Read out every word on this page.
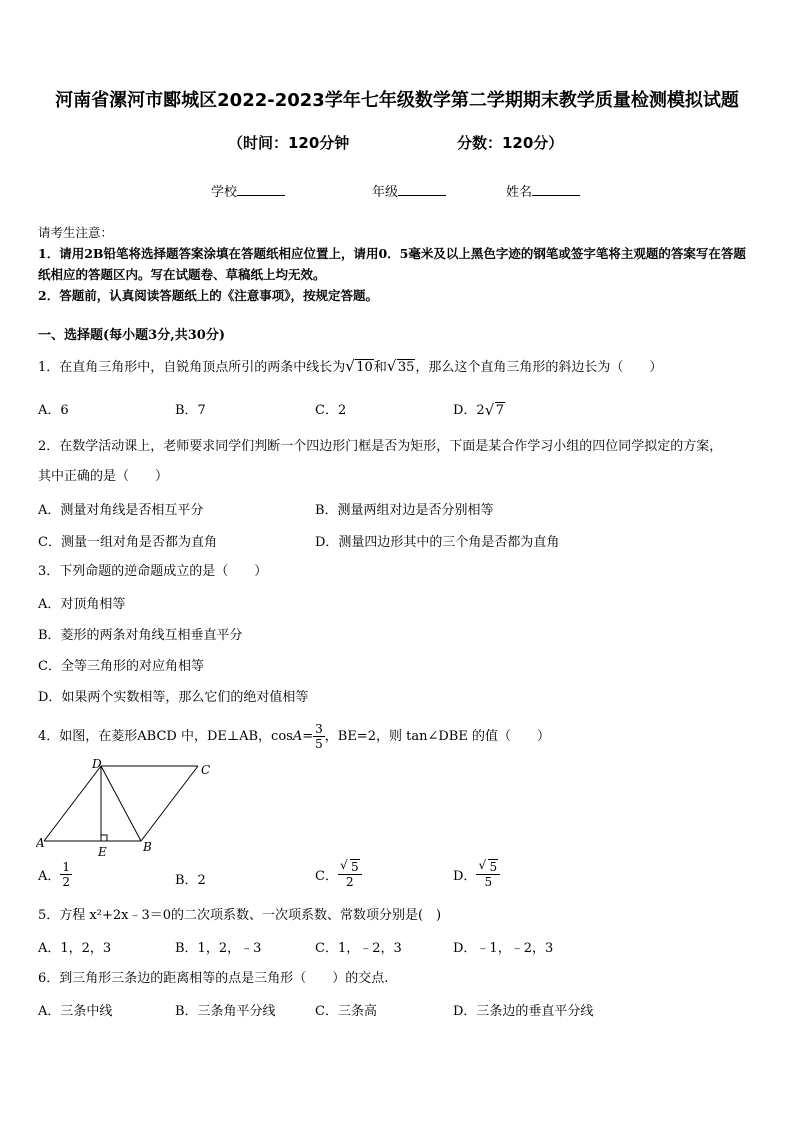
河南省漯河市郾城区2022-2023学年七年级数学第二学期期末教学质量检测模拟试题
（时间：120分钟	分数：120分）
学校	年级	姓名
请考生注意：
1．请用2B铅笔将选择题答案涂填在答题纸相应位置上，请用0．5毫米及以上黑色字迹的钢笔或签字笔将主观题的答案写在答题纸相应的答题区内。写在试题卷、草稿纸上均无效。
2．答题前，认真阅读答题纸上的《注意事项》，按规定答题。
一、选择题(每小题3分,共30分)
1．在直角三角形中，自锐角顶点所引的两条中线长为 √ 10和 √ 35，那么这个直角三角形的斜边长为（　　）
A．6	B．7	C．2	D．2 √ 7
2．在数学活动课上，老师要求同学们判断一个四边形门框是否为矩形，下面是某合作学习小组的四位同学拟定的方案，
其中正确的是（　　）
A．测量对角线是否相互平分	B．测量两组对边是否分别相等
C．测量一组对角是否都为直角	D．测量四边形其中的三个角是否都为直角
3．下列命题的逆命题成立的是（　　）
A．对顶角相等
B．菱形的两条对角线互相垂直平分
C．全等三角形的对应角相等
D．如果两个实数相等，那么它们的绝对值相等
4．如图，在菱形ABCD 中，DE⊥AB，$\cos A= \frac{3}{5}$ ，BE=2，则 tan∠DBE 的值（　　）
D	C
A
E	B
A． $\frac{1}{2}$	B．2	C． $\frac{√ 5}{2}$	D． $\frac{√ 5}{5}$
5．方程 x²+2x﹣3＝0的二次项系数、一次项系数、常数项分别是(　)
A．1，2，3	B．1，2，﹣3	C．1，﹣2，3	D．﹣1，﹣2，3
6．到三角形三条边的距离相等的点是三角形（　　）的交点.
A．三条中线	B．三条角平分线	C．三条高	D．三条边的垂直平分线
